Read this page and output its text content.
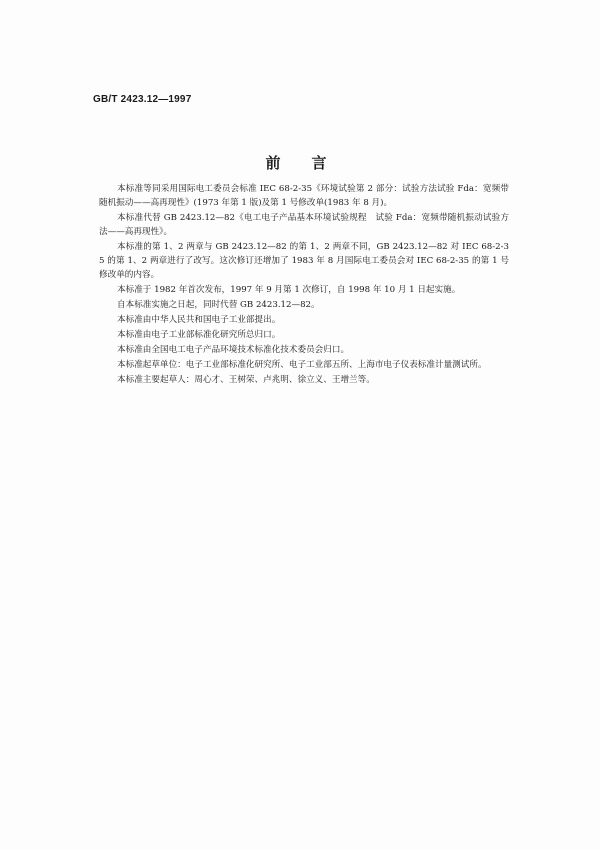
GB/T 2423.12—1997
前　言

本标准等同采用国际电工委员会标准 IEC 68-2-35《环境试验第 2 部分：试验方法试验 Fda：宽频带随机振动——高再现性》(1973 年第 1 版)及第 1 号修改单(1983 年 8 月)。

本标准代替 GB 2423.12—82《电工电子产品基本环境试验规程　试验 Fda：宽频带随机振动试验方法——高再现性》。

本标准的第 1、2 两章与 GB 2423.12—82 的第 1、2 两章不同，GB 2423.12—82 对 IEC 68-2-35 的第 1、2 两章进行了改写。这次修订还增加了 1983 年 8 月国际电工委员会对 IEC 68-2-35 的第 1 号修改单的内容。

本标准于 1982 年首次发布，1997 年 9 月第 1 次修订，自 1998 年 10 月 1 日起实施。

自本标准实施之日起，同时代替 GB 2423.12—82。

本标准由中华人民共和国电子工业部提出。

本标准由电子工业部标准化研究所总归口。

本标准由全国电工电子产品环境技术标准化技术委员会归口。

本标准起草单位：电子工业部标准化研究所、电子工业部五所、上海市电子仪表标准计量测试所。

本标准主要起草人：周心才、王树荣、卢兆明、徐立义、王增兰等。
